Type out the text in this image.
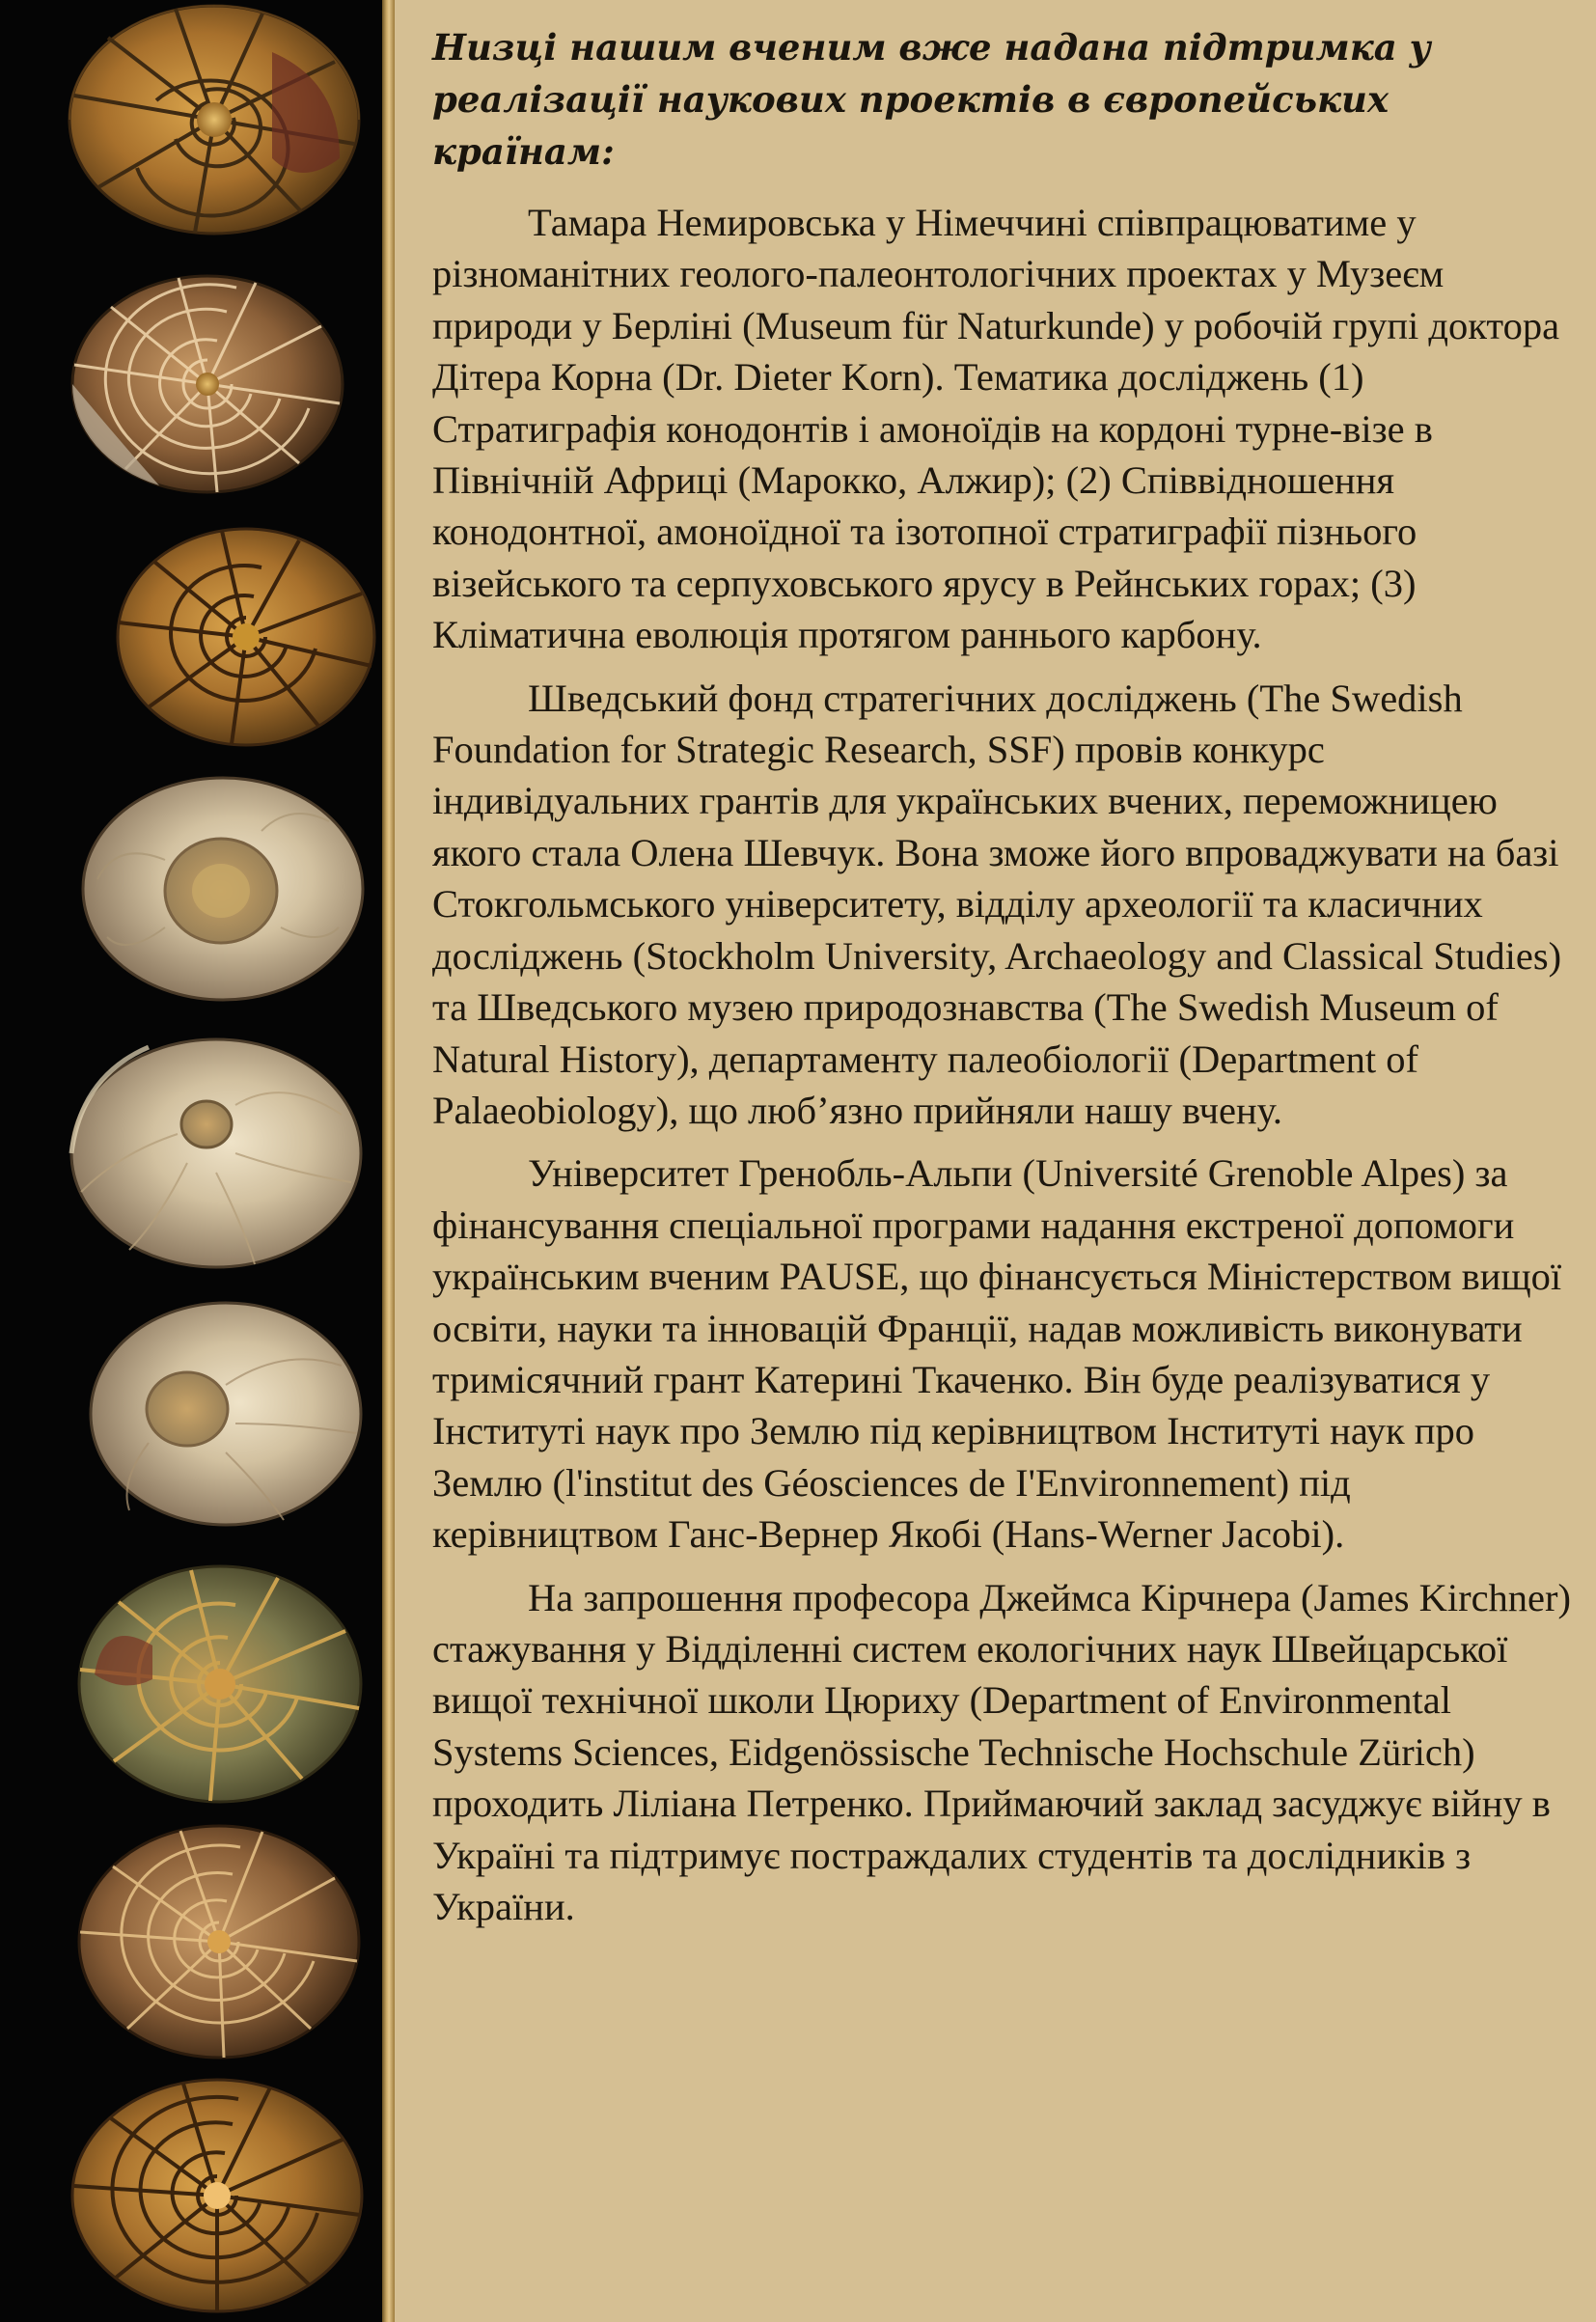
Низці нашим вченим вже надана підтримка у реалізації наукових проектів в європейських країнам:

Тамара Немировська у Німеччині співпрацюватиме у різноманітних геолого-палеонтологічних проектах у Музеєм природи у Берліні (Museum für Naturkunde) у робочій групі доктора Дітера Корна (Dr. Dieter Korn). Тематика досліджень (1) Стратиграфія конодонтів і амоноїдів на кордоні турне-візе в Північній Африці (Марокко, Алжир); (2) Співвідношення конодонтної, амоноїдної та ізотопної стратиграфії пізнього візейського та серпуховського ярусу в Рейнських горах; (3) Кліматична еволюція протягом раннього карбону.

Шведський фонд стратегічних досліджень (The Swedish Foundation for Strategic Research, SSF) провів конкурс індивідуальних грантів для українських вчених, переможницею якого стала Олена Шевчук. Вона зможе його впроваджувати на базі Стокгольмського університету, відділу археології та класичних досліджень (Stockholm University, Archaeology and Classical Studies) та Шведського музею природознавства (The Swedish Museum of Natural History), департаменту палеобіології (Department of Palaeobiology), що люб’язно прийняли нашу вчену.

Університет Гренобль-Альпи (Université Grenoble Alpes) за фінансування спеціальної програми надання екстреної допомоги українським вченим PAUSE, що фінансується Міністерством вищої освіти, науки та інновацій Франції, надав можливість виконувати тримісячний грант Катерині Ткаченко. Він буде реалізуватися у Інституті наук про Землю під керівництвом Інституті наук про Землю (l'institut des Géosciences de I'Environnement) під керівництвом Ганс-Вернер Якобі (Hans-Werner Jacobi).

На запрошення професора Джеймса Кірчнера (James Kirchner) стажування у Відділенні систем екологічних наук Швейцарської вищої технічної школи Цюриху (Department of Environmental Systems Sciences, Eidgenössische Technische Hochschule Zürich) проходить Ліліана Петренко. Приймаючий заклад засуджує війну в Україні та підтримує постраждалих студентів та дослідників з України.
